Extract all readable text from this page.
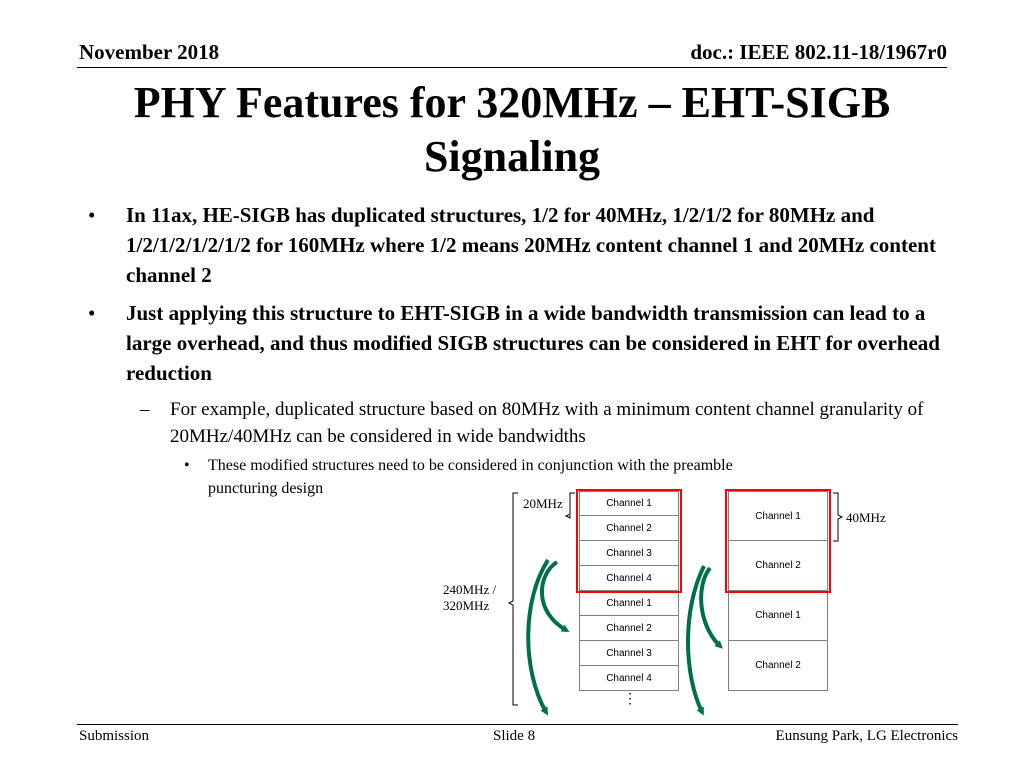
November 2018	doc.: IEEE 802.11-18/1967r0
PHY Features for 320MHz – EHT-SIGB
Signaling
• In 11ax, HE-SIGB has duplicated structures, 1/2 for 40MHz, 1/2/1/2 for 80MHz and 1/2/1/2/1/2/1/2 for 160MHz where 1/2 means 20MHz content channel 1 and 20MHz content channel 2
• Just applying this structure to EHT-SIGB in a wide bandwidth transmission can lead to a large overhead, and thus modified SIGB structures can be considered in EHT for overhead reduction
– For example, duplicated structure based on 80MHz with a minimum content channel granularity of 20MHz/40MHz can be considered in wide bandwidths
• These modified structures need to be considered in conjunction with the preamble puncturing design
20MHz
40MHz
240MHz /
320MHz
Channel 1
Channel 2
Channel 3
Channel 4
Channel 1
Channel 2
Channel 3
Channel 4
⋮
Channel 1
Channel 2
Channel 1
Channel 2
Submission	Slide 8	Eunsung Park, LG Electronics
